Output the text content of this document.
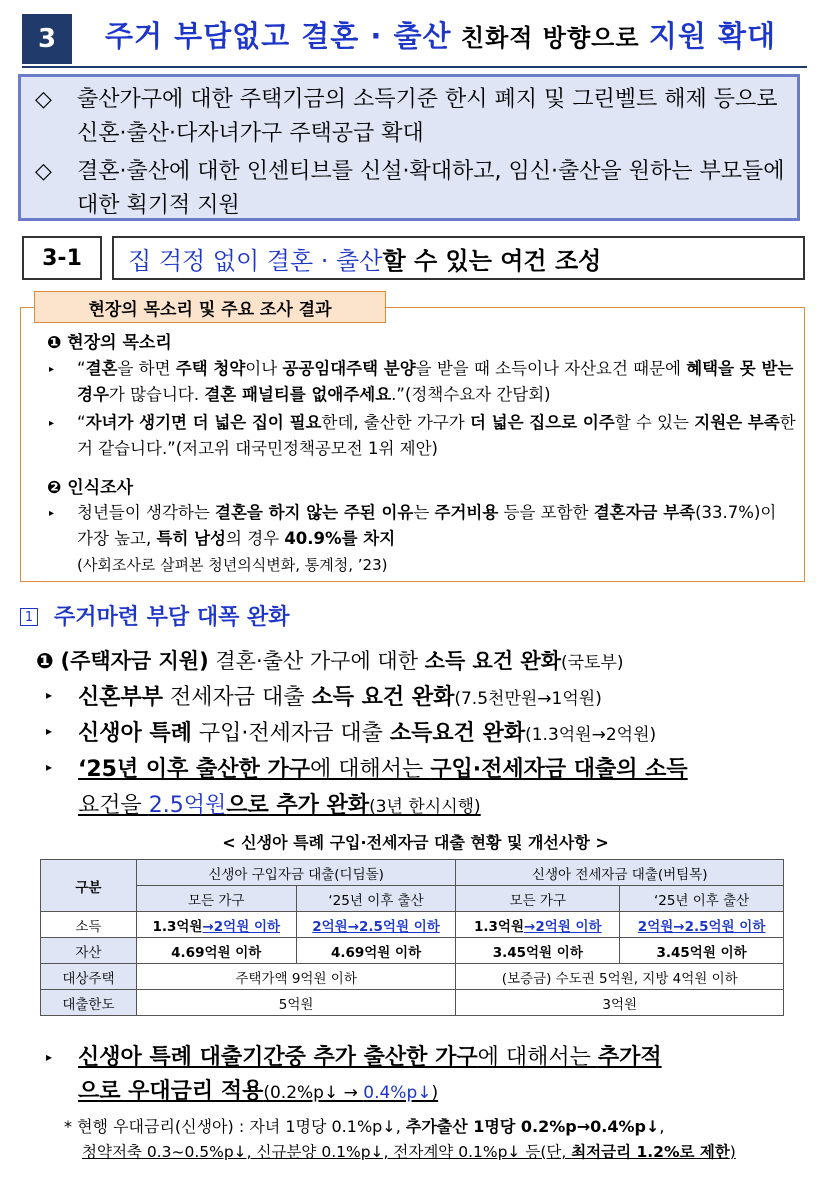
3	주거 부담없고 결혼 · 출산 친화적 방향으로 지원 확대
◇ 출산가구에 대한 주택기금의 소득기준 한시 폐지 및 그린벨트 해제 등으로 신혼·출산·다자녀가구 주택공급 확대
◇ 결혼·출산에 대한 인센티브를 신설·확대하고, 임신·출산을 원하는 부모들에 대한 획기적 지원
3-1	집 걱정 없이 결혼 · 출산 할 수 있는 여건 조성
❶ 현장의 목소리
▸ “결혼을 하면 주택 청약이나 공공임대주택 분양을 받을 때 소득이나 자산요건 때문에 혜택을 못 받는 경우가 많습니다. 결혼 패널티를 없애주세요.”(정책수요자 간담회)
▸ “자녀가 생기면 더 넓은 집이 필요한데, 출산한 가구가 더 넓은 집으로 이주할 수 있는 지원은 부족한 거 같습니다.”(저고위 대국민정책공모전 1위 제안)
❷ 인식조사
▸ 청년들이 생각하는 결혼을 하지 않는 주된 이유는 주거비용 등을 포함한 결혼자금 부족(33.7%)이 가장 높고, 특히 남성의 경우 40.9%를 차지
(사회조사로 살펴본 청년의식변화, 통계청, ’23)
현장의 목소리 및 주요 조사 결과
1 주거마련 부담 대폭 완화
❶ (주택자금 지원) 결혼·출산 가구에 대한 소득 요건 완화(국토부)
▸ 신혼부부 전세자금 대출 소득 요건 완화(7.5천만원→1억원)
▸ 신생아 특례 구입·전세자금 대출 소득요건 완화(1.3억원→2억원)
▸ ‘25년 이후 출산한 가구에 대해서는 구입·전세자금 대출의 소득
요건을 2.5억원으로 추가 완화(3년 한시시행)
< 신생아 특례 구입·전세자금 대출 현황 및 개선사항 >
구분	신생아 구입자금 대출(디딤돌)		신생아 전세자금 대출(버팀목)	
	모든 가구	‘25년 이후 출산	모든 가구	‘25년 이후 출산
소득	1.3억원→2억원 이하	2억원→2.5억원 이하	1.3억원→2억원 이하	2억원→2.5억원 이하
자산	4.69억원 이하	4.69억원 이하	3.45억원 이하	3.45억원 이하
대상주택	주택가액 9억원 이하		(보증금) 수도권 5억원, 지방 4억원 이하	
대출한도	5억원		3억원	
▸ 신생아 특례 대출기간중 추가 출산한 가구에 대해서는 추가적
으로 우대금리 적용(0.2%p↓ → 0.4%p↓)
* 현행 우대금리(신생아) : 자녀 1명당 0.1%p↓, 추가출산 1명당 0.2%p→0.4%p↓,
청약저축 0.3~0.5%p↓, 신규분양 0.1%p↓, 전자계약 0.1%p↓ 등(단, 최저금리 1.2%로 제한)
